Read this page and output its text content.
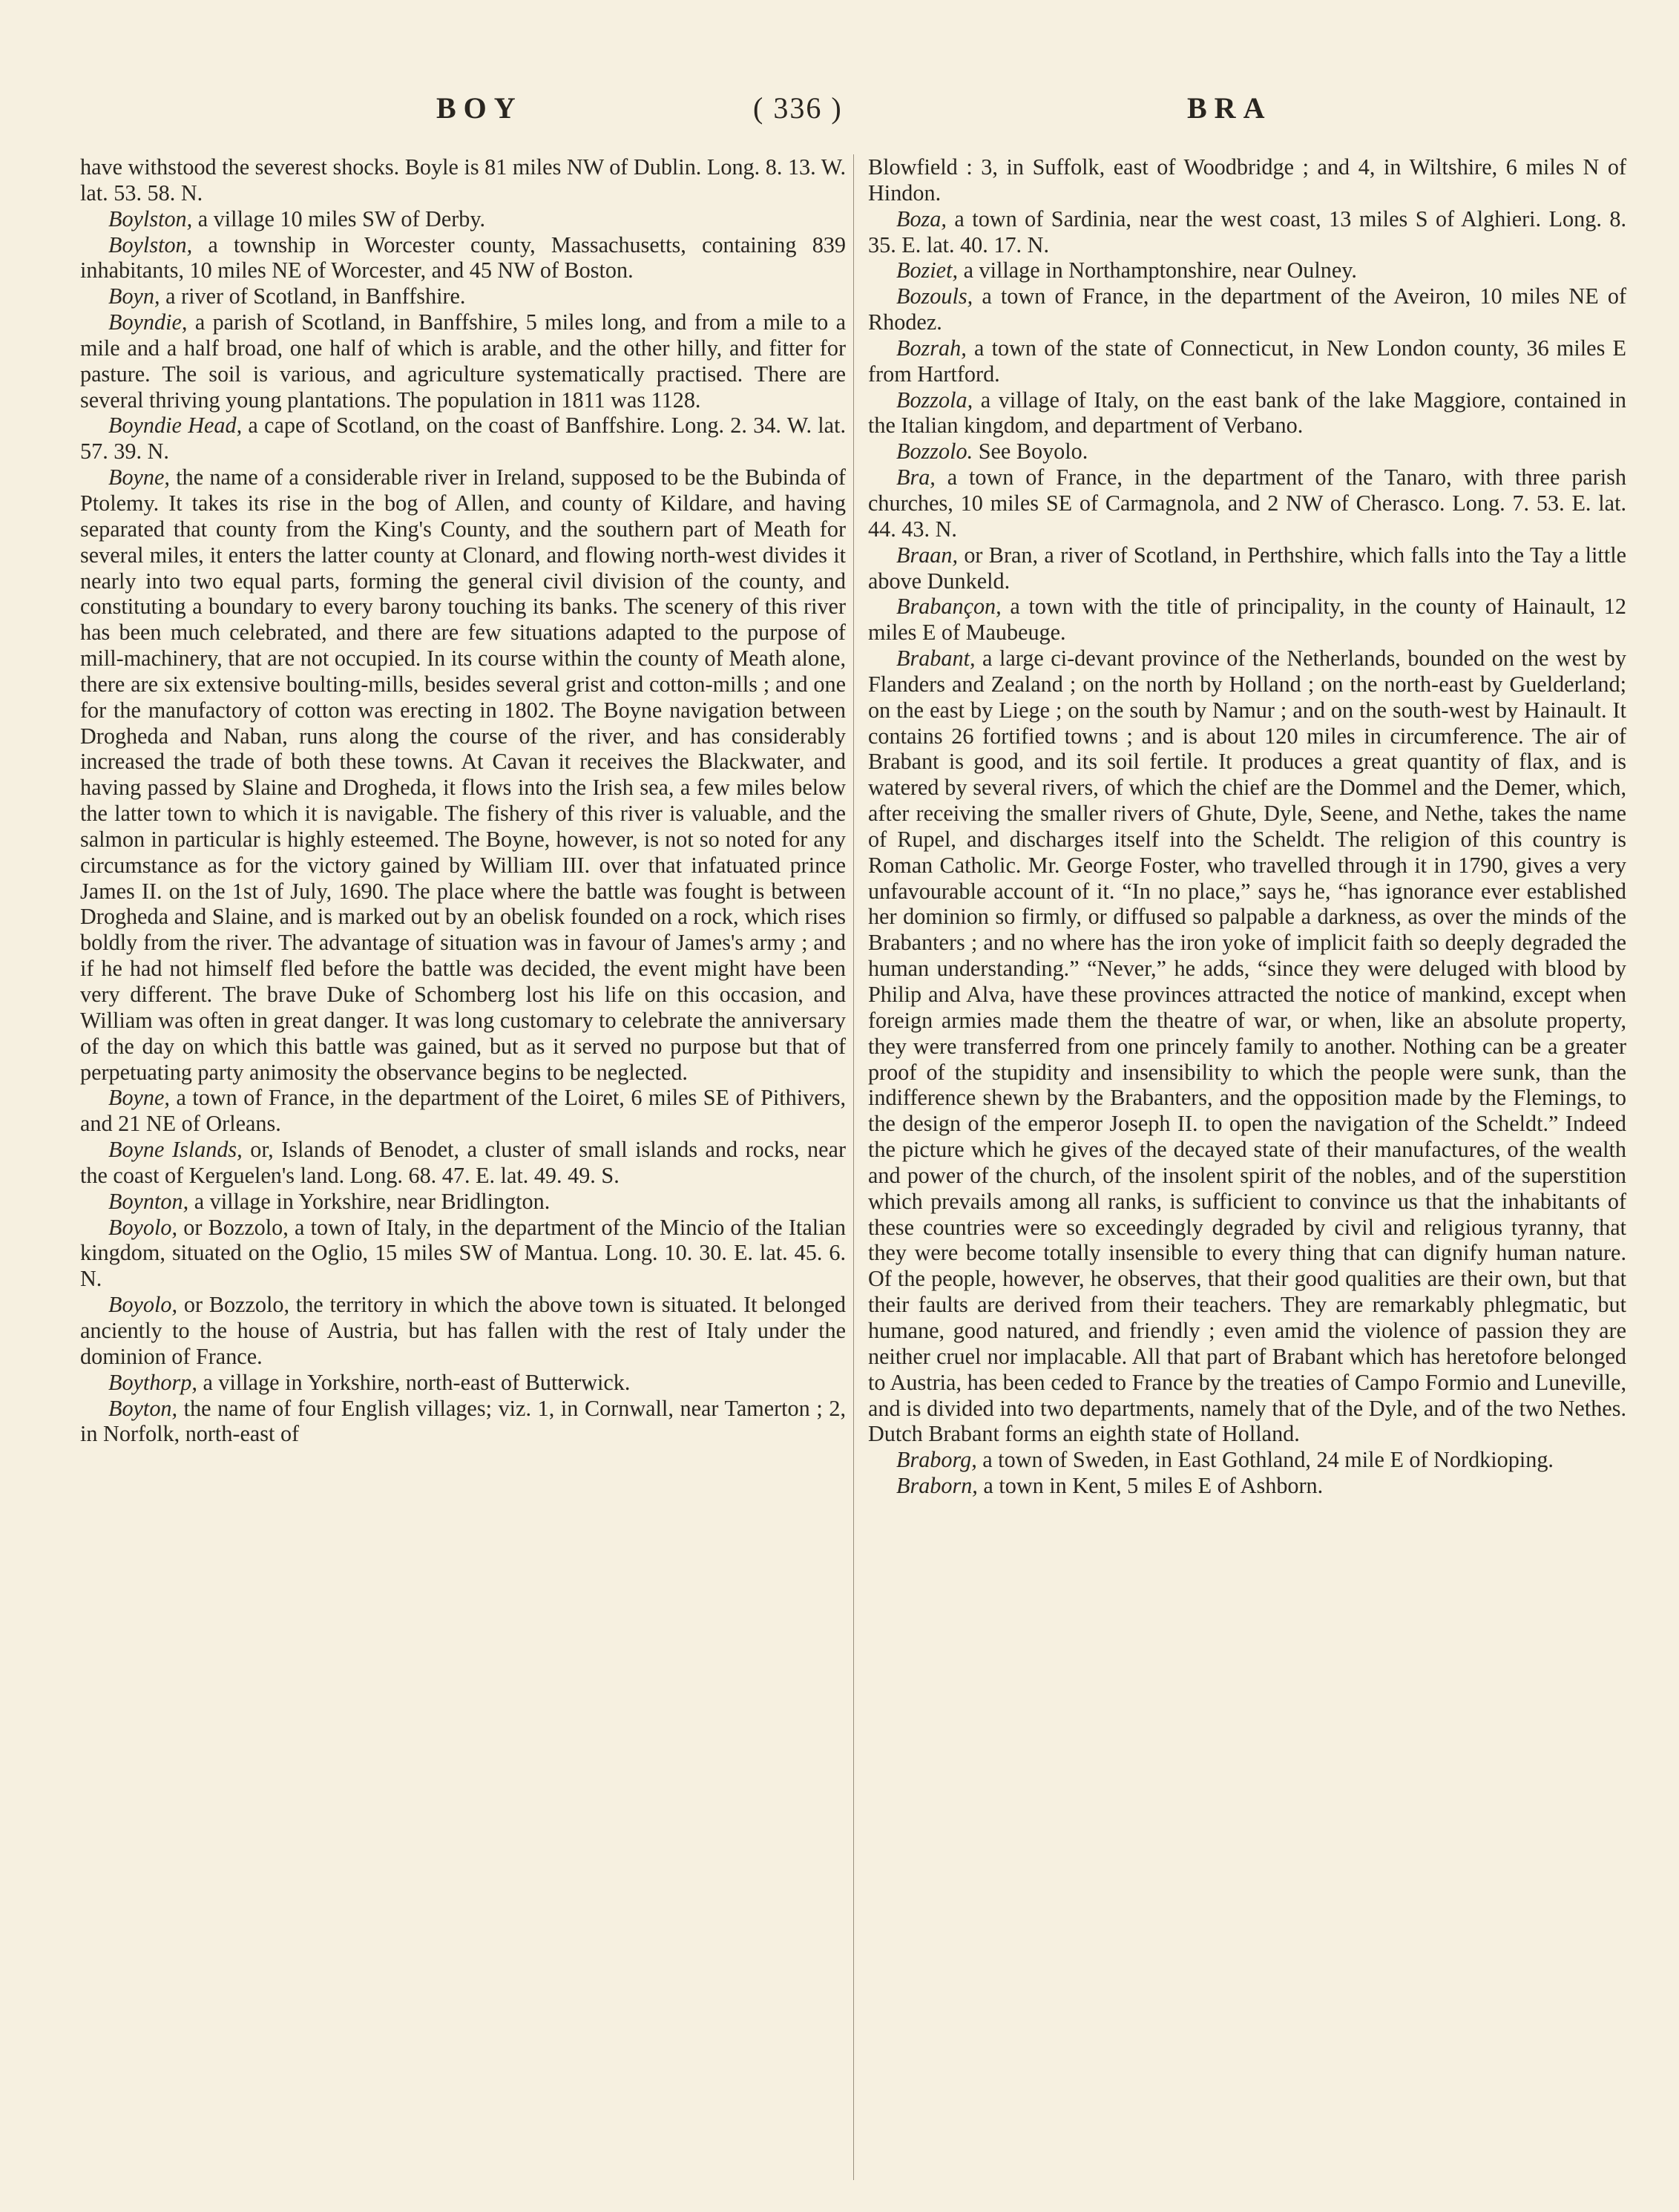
BOY	( 336 )	BRA

have withstood the severest shocks. Boyle is 81 miles NW of Dublin. Long. 8. 13. W. lat. 53. 58. N.

Boylston, a village 10 miles SW of Derby.

Boylston, a township in Worcester county, Massachusetts, containing 839 inhabitants, 10 miles NE of Worcester, and 45 NW of Boston.

Boyn, a river of Scotland, in Banffshire.

Boyndie, a parish of Scotland, in Banffshire, 5 miles long, and from a mile to a mile and a half broad, one half of which is arable, and the other hilly, and fitter for pasture. The soil is various, and agriculture systematically practised. There are several thriving young plantations. The population in 1811 was 1128.

Boyndie Head, a cape of Scotland, on the coast of Banffshire. Long. 2. 34. W. lat. 57. 39. N.

Boyne, the name of a considerable river in Ireland, supposed to be the Bubinda of Ptolemy. It takes its rise in the bog of Allen, and county of Kildare, and having separated that county from the King's County, and the southern part of Meath for several miles, it enters the latter county at Clonard, and flowing north-west divides it nearly into two equal parts, forming the general civil division of the county, and constituting a boundary to every barony touching its banks. The scenery of this river has been much celebrated, and there are few situations adapted to the purpose of mill-machinery, that are not occupied. In its course within the county of Meath alone, there are six extensive boulting-mills, besides several grist and cotton-mills ; and one for the manufactory of cotton was erecting in 1802. The Boyne navigation between Drogheda and Naban, runs along the course of the river, and has considerably increased the trade of both these towns. At Cavan it receives the Blackwater, and having passed by Slaine and Drogheda, it flows into the Irish sea, a few miles below the latter town to which it is navigable. The fishery of this river is valuable, and the salmon in particular is highly esteemed. The Boyne, however, is not so noted for any circumstance as for the victory gained by William III. over that infatuated prince James II. on the 1st of July, 1690. The place where the battle was fought is between Drogheda and Slaine, and is marked out by an obelisk founded on a rock, which rises boldly from the river. The advantage of situation was in favour of James's army ; and if he had not himself fled before the battle was decided, the event might have been very different. The brave Duke of Schomberg lost his life on this occasion, and William was often in great danger. It was long customary to celebrate the anniversary of the day on which this battle was gained, but as it served no purpose but that of perpetuating party animosity the observance begins to be neglected.

Boyne, a town of France, in the department of the Loiret, 6 miles SE of Pithivers, and 21 NE of Orleans.

Boyne Islands, or, Islands of Benodet, a cluster of small islands and rocks, near the coast of Kerguelen's land. Long. 68. 47. E. lat. 49. 49. S.

Boynton, a village in Yorkshire, near Bridlington.

Boyolo, or Bozzolo, a town of Italy, in the department of the Mincio of the Italian kingdom, situated on the Oglio, 15 miles SW of Mantua. Long. 10. 30. E. lat. 45. 6. N.

Boyolo, or Bozzolo, the territory in which the above town is situated. It belonged anciently to the house of Austria, but has fallen with the rest of Italy under the dominion of France.

Boythorp, a village in Yorkshire, north-east of Butterwick.

Boyton, the name of four English villages; viz. 1, in Cornwall, near Tamerton ; 2, in Norfolk, north-east of

Blowfield : 3, in Suffolk, east of Woodbridge ; and 4, in Wiltshire, 6 miles N of Hindon.

Boza, a town of Sardinia, near the west coast, 13 miles S of Alghieri. Long. 8. 35. E. lat. 40. 17. N.

Boziet, a village in Northamptonshire, near Oulney.

Bozouls, a town of France, in the department of the Aveiron, 10 miles NE of Rhodez.

Bozrah, a town of the state of Connecticut, in New London county, 36 miles E from Hartford.

Bozzola, a village of Italy, on the east bank of the lake Maggiore, contained in the Italian kingdom, and department of Verbano.

Bozzolo. See Boyolo.

Bra, a town of France, in the department of the Tanaro, with three parish churches, 10 miles SE of Carmagnola, and 2 NW of Cherasco. Long. 7. 53. E. lat. 44. 43. N.

Braan, or Bran, a river of Scotland, in Perthshire, which falls into the Tay a little above Dunkeld.

Brabançon, a town with the title of principality, in the county of Hainault, 12 miles E of Maubeuge.

Brabant, a large ci-devant province of the Netherlands, bounded on the west by Flanders and Zealand ; on the north by Holland ; on the north-east by Guelderland; on the east by Liege ; on the south by Namur ; and on the south-west by Hainault. It contains 26 fortified towns ; and is about 120 miles in circumference. The air of Brabant is good, and its soil fertile. It produces a great quantity of flax, and is watered by several rivers, of which the chief are the Dommel and the Demer, which, after receiving the smaller rivers of Ghute, Dyle, Seene, and Nethe, takes the name of Rupel, and discharges itself into the Scheldt. The religion of this country is Roman Catholic. Mr. George Foster, who travelled through it in 1790, gives a very unfavourable account of it. “In no place,” says he, “has ignorance ever established her dominion so firmly, or diffused so palpable a darkness, as over the minds of the Brabanters ; and no where has the iron yoke of implicit faith so deeply degraded the human understanding.” “Never,” he adds, “since they were deluged with blood by Philip and Alva, have these provinces attracted the notice of mankind, except when foreign armies made them the theatre of war, or when, like an absolute property, they were transferred from one princely family to another. Nothing can be a greater proof of the stupidity and insensibility to which the people were sunk, than the indifference shewn by the Brabanters, and the opposition made by the Flemings, to the design of the emperor Joseph II. to open the navigation of the Scheldt.” Indeed the picture which he gives of the decayed state of their manufactures, of the wealth and power of the church, of the insolent spirit of the nobles, and of the superstition which prevails among all ranks, is sufficient to convince us that the inhabitants of these countries were so exceedingly degraded by civil and religious tyranny, that they were become totally insensible to every thing that can dignify human nature. Of the people, however, he observes, that their good qualities are their own, but that their faults are derived from their teachers. They are remarkably phlegmatic, but humane, good natured, and friendly ; even amid the violence of passion they are neither cruel nor implacable. All that part of Brabant which has heretofore belonged to Austria, has been ceded to France by the treaties of Campo Formio and Luneville, and is divided into two departments, namely that of the Dyle, and of the two Nethes. Dutch Brabant forms an eighth state of Holland.

Braborg, a town of Sweden, in East Gothland, 24 mile E of Nordkioping.

Braborn, a town in Kent, 5 miles E of Ashborn.
